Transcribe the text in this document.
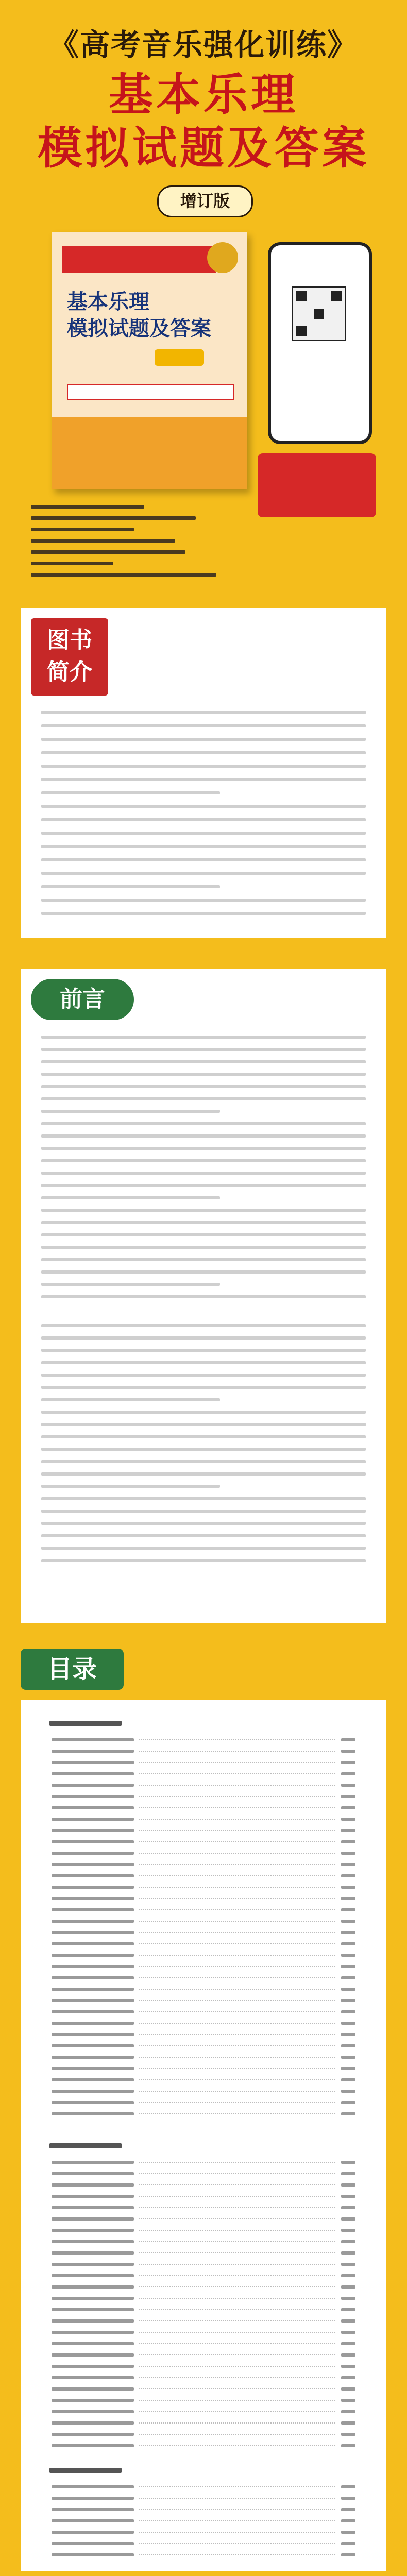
《高考音乐强化训练》
基本乐理
模拟试题及答案
增订版
基本乐理
模拟试题及答案
图书
简介
前言
目录
